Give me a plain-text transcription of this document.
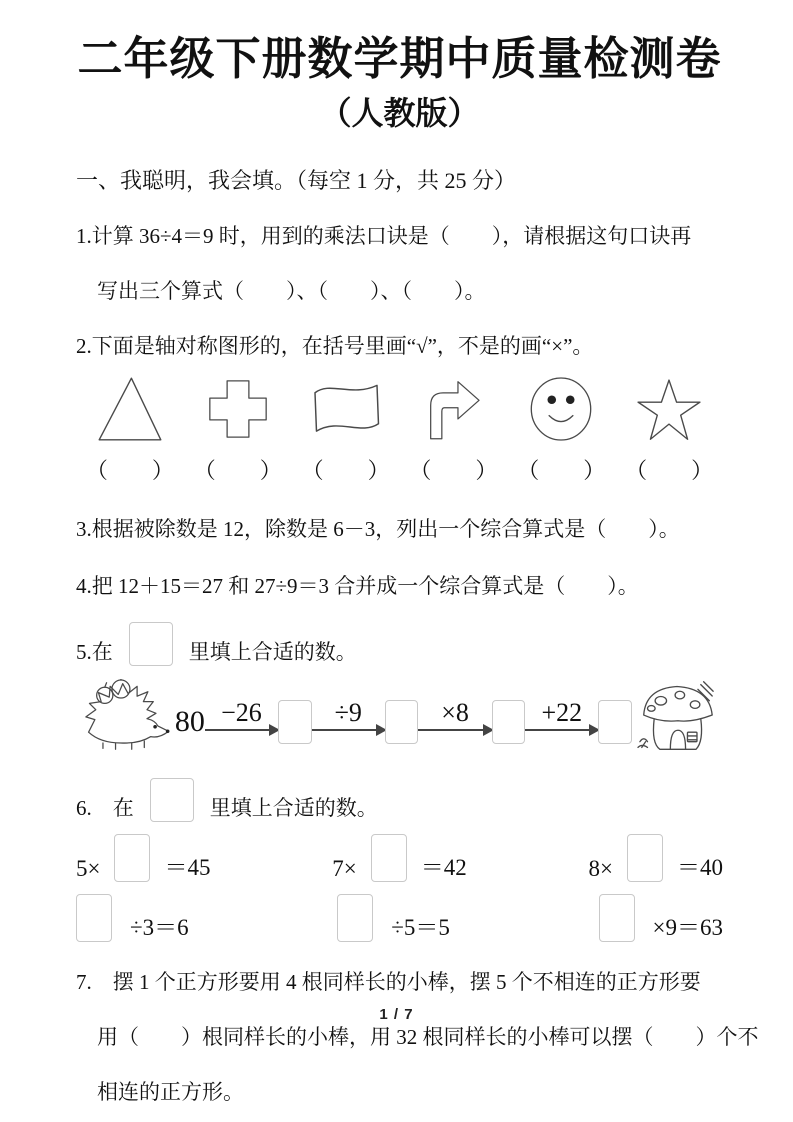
二年级下册数学期中质量检测卷
（人教版）
一、我聪明，我会填。（每空 1 分，共 25 分）
1.计算 36÷4＝9 时，用到的乘法口诀是（　　），请根据这句口诀再
写出三个算式（　　）、（　　）、（　　）。
2.下面是轴对称图形的，在括号里画“√”，不是的画“×”。
（　　） （　　） （　　） （　　） （　　） （　　）
3.根据被除数是 12，除数是 6－3，列出一个综合算式是（　　）。
4.把 12＋15＝27 和 27÷9＝3 合并成一个综合算式是（　　）。
5.在	里填上合适的数。
80 −26	÷9	×8	+22
6.　在	里填上合适的数。
5×	＝45	7×	＝42	8×	＝40
÷3＝6	÷5＝5	×9＝63
7.　摆 1 个正方形要用 4 根同样长的小棒，摆 5 个不相连的正方形要
用（　　）根同样长的小棒，用 32 根同样长的小棒可以摆（　　）个不
相连的正方形。
1 / 7
